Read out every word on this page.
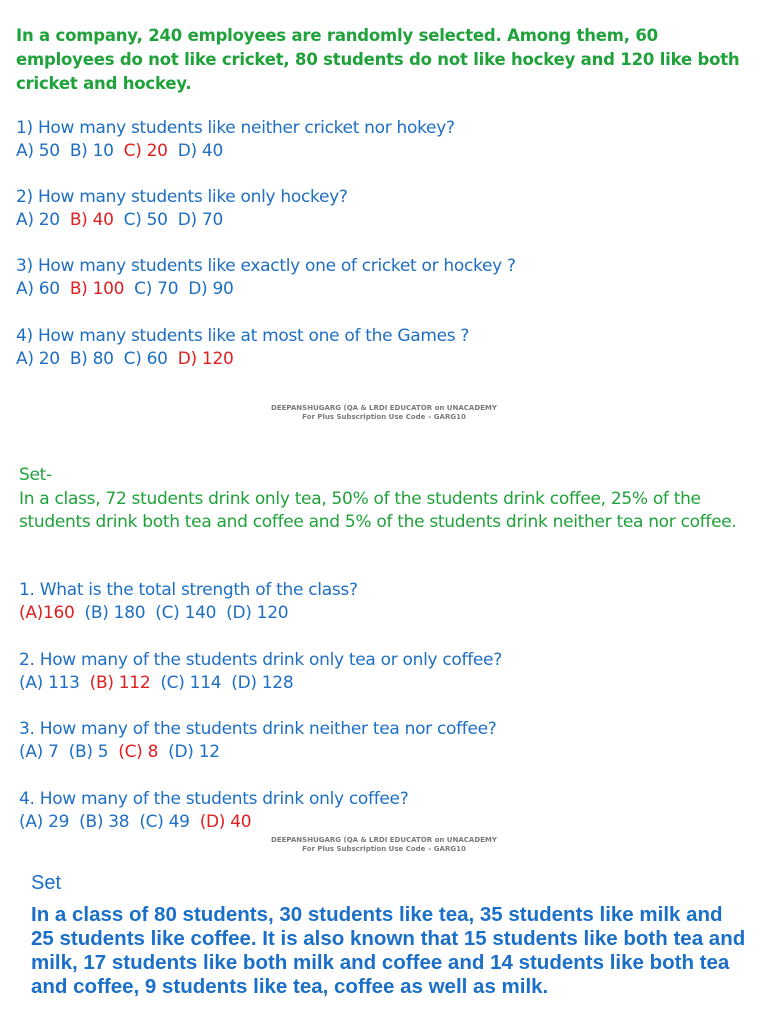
In a company, 240 employees are randomly selected. Among them, 60 employees do not like cricket, 80 students do not like hockey and 120 like both cricket and hockey.
1) How many students like neither cricket nor hokey?
A) 50 B) 10 C) 20 D) 40
2) How many students like only hockey?
A) 20 B) 40 C) 50 D) 70
3) How many students like exactly one of cricket or hockey ?
A) 60 B) 100 C) 70 D) 90
4) How many students like at most one of the Games ?
A) 20 B) 80 C) 60 D) 120
DEEPANSHUGARG (QA & LRDI EDUCATOR on UNACADEMY
For Plus Subscription Use Code – GARG10
Set-
In a class, 72 students drink only tea, 50% of the students drink coffee, 25% of the students drink both tea and coffee and 5% of the students drink neither tea nor coffee.
1. What is the total strength of the class?
(A)160 (B) 180 (C) 140 (D) 120
2. How many of the students drink only tea or only coffee?
(A) 113 (B) 112 (C) 114 (D) 128
3. How many of the students drink neither tea nor coffee?
(A) 7 (B) 5 (C) 8 (D) 12
4. How many of the students drink only coffee?
(A) 29 (B) 38 (C) 49 (D) 40
DEEPANSHUGARG (QA & LRDI EDUCATOR on UNACADEMY
For Plus Subscription Use Code – GARG10
Set
In a class of 80 students, 30 students like tea, 35 students like milk and 25 students like coffee. It is also known that 15 students like both tea and milk, 17 students like both milk and coffee and 14 students like both tea and coffee, 9 students like tea, coffee as well as milk.
